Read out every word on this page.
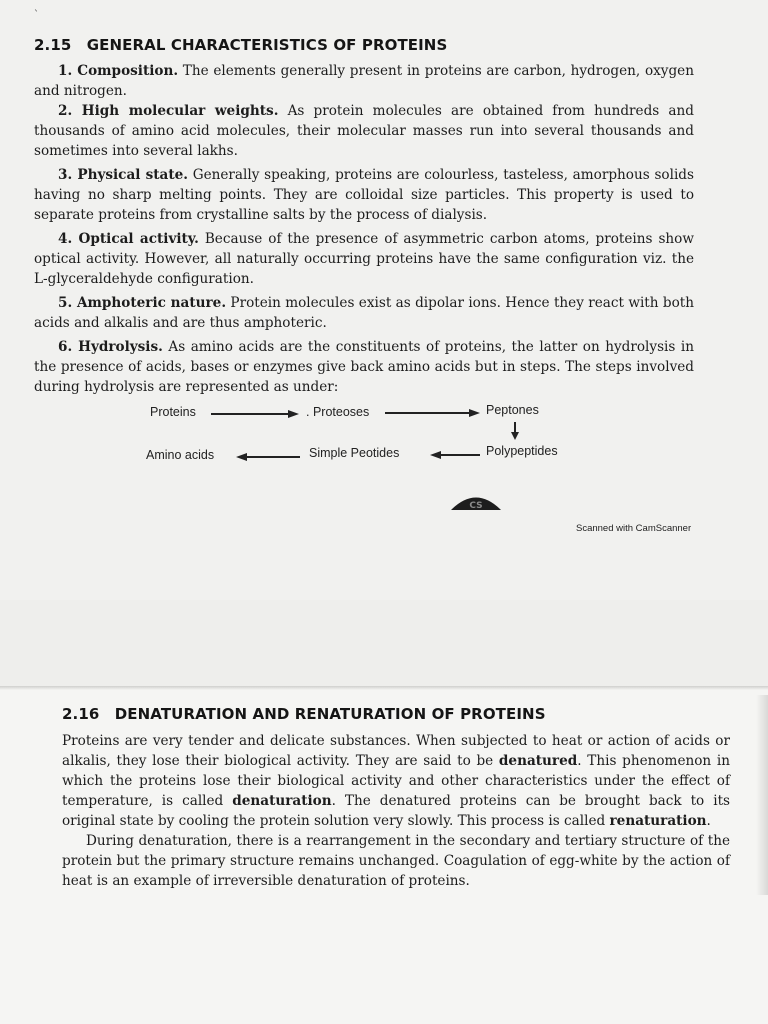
`
2.15 GENERAL CHARACTERISTICS OF PROTEINS

1. Composition. The elements generally present in proteins are carbon, hydrogen, oxygen and nitrogen.

2. High molecular weights. As protein molecules are obtained from hundreds and thousands of amino acid molecules, their molecular masses run into several thousands and sometimes into several lakhs.

3. Physical state. Generally speaking, proteins are colourless, tasteless, amorphous solids having no sharp melting points. They are colloidal size particles. This property is used to separate proteins from crystalline salts by the process of dialysis.

4. Optical activity. Because of the presence of asymmetric carbon atoms, proteins show optical activity. However, all naturally occurring proteins have the same configuration viz. the L-glyceraldehyde configuration.

5. Amphoteric nature. Protein molecules exist as dipolar ions. Hence they react with both acids and alkalis and are thus amphoteric.

6. Hydrolysis. As amino acids are the constituents of proteins, the latter on hydrolysis in the presence of acids, bases or enzymes give back amino acids but in steps. The steps involved during hydrolysis are represented as under:

Proteins	. Proteoses	Peptones
Amino acids	Simple Peotides	Polypeptides
CS
Scanned with CamScanner
2.16 DENATURATION AND RENATURATION OF PROTEINS

Proteins are very tender and delicate substances. When subjected to heat or action of acids or alkalis, they lose their biological activity. They are said to be denatured. This phenomenon in which the proteins lose their biological activity and other characteristics under the effect of temperature, is called denaturation. The denatured proteins can be brought back to its original state by cooling the protein solution very slowly. This process is called renaturation.

During denaturation, there is a rearrangement in the secondary and tertiary structure of the protein but the primary structure remains unchanged. Coagulation of egg-white by the action of heat is an example of irreversible denaturation of proteins.
